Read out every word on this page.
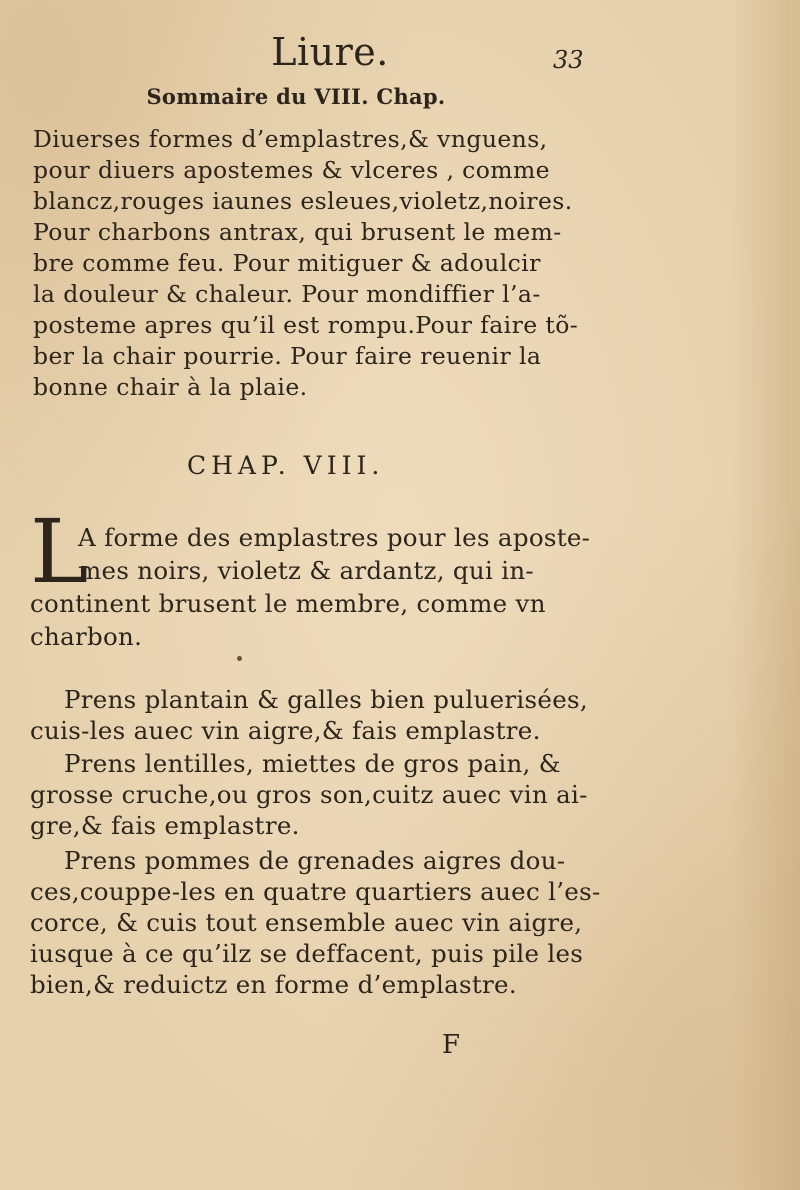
Liure.	33
Sommaire du VIII. Chap.
Diuerses formes d’emplastres,& vnguens,
pour diuers apostemes & vlceres , comme
blancz,rouges iaunes esleues,violetz,noires.
Pour charbons antrax, qui brusent le mem-
bre comme feu. Pour mitiguer & adoulcir
la douleur & chaleur. Pour mondiffier l’a-
posteme apres qu’il est rompu.Pour faire tõ-
ber la chair pourrie. Pour faire reuenir la
bonne chair à la plaie.
CHAP. VIII.
L
A forme des emplastres pour les aposte-
mes noirs, violetz & ardantz, qui in-
continent brusent le membre, comme vn
charbon.
Prens plantain & galles bien puluerisées,
cuis-les auec vin aigre,& fais emplastre.
Prens lentilles, miettes de gros pain, &
grosse cruche,ou gros son,cuitz auec vin ai-
gre,& fais emplastre.
Prens pommes de grenades aigres dou-
ces,couppe-les en quatre quartiers auec l’es-
corce, & cuis tout ensemble auec vin aigre,
iusque à ce qu’ilz se deffacent, puis pile les
bien,& reduictz en forme d’emplastre.
F
